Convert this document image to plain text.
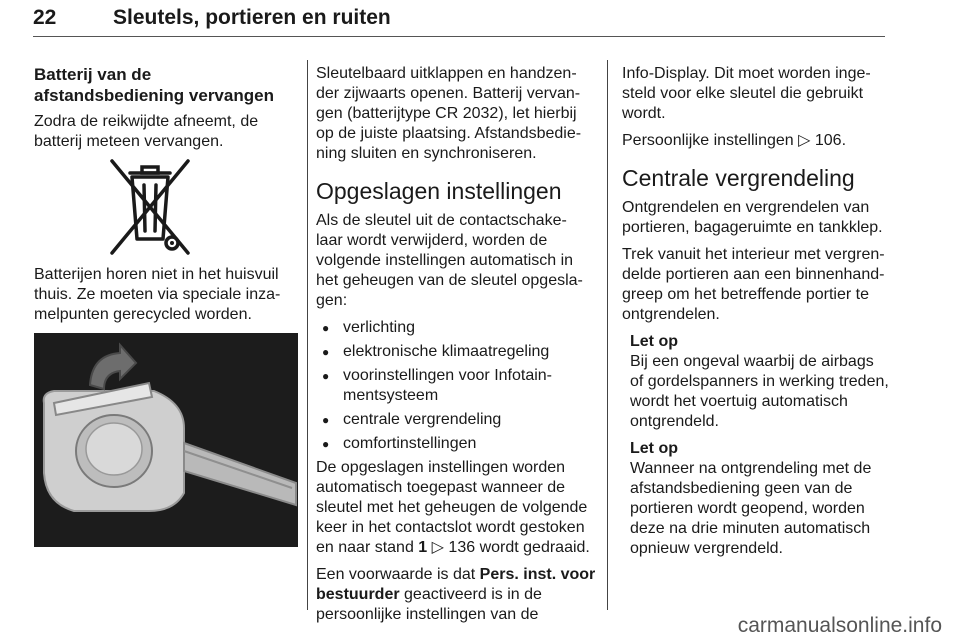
22	Sleutels, portieren en ruiten
Batterij van de afstandsbediening vervangen

Zodra de reikwijdte afneemt, de batterij meteen vervangen.

Batterijen horen niet in het huisvuil thuis. Ze moeten via speciale inza- melpunten gerecycled worden.

Sleutelbaard uitklappen en handzen- der zijwaarts openen. Batterij vervan- gen (batterijtype CR 2032), let hierbij op de juiste plaatsing. Afstandsbedie- ning sluiten en synchroniseren.

Opgeslagen instellingen

Als de sleutel uit de contactschake- laar wordt verwijderd, worden de volgende instellingen automatisch in het geheugen van de sleutel opgesla- gen:

● verlichting
● elektronische klimaatregeling
● voorinstellingen voor Infotain- mentsysteem
● centrale vergrendeling
● comfortinstellingen

De opgeslagen instellingen worden automatisch toegepast wanneer de sleutel met het geheugen de volgende keer in het contactslot wordt gestoken en naar stand 1 ▷ 136 wordt gedraaid.

Een voorwaarde is dat Pers. inst. voor bestuurder geactiveerd is in de persoonlijke instellingen van de

Info-Display. Dit moet worden inge- steld voor elke sleutel die gebruikt wordt.

Persoonlijke instellingen ▷ 106.

Centrale vergrendeling

Ontgrendelen en vergrendelen van portieren, bagageruimte en tankklep.

Trek vanuit het interieur met vergren- delde portieren aan een binnenhand- greep om het betreffende portier te ontgrendelen.

Let op

Bij een ongeval waarbij de airbags of gordelspanners in werking treden, wordt het voertuig automatisch ontgrendeld.

Let op

Wanneer na ontgrendeling met de afstandsbediening geen van de portieren wordt geopend, worden deze na drie minuten automatisch opnieuw vergrendeld.

carmanualsonline.info
